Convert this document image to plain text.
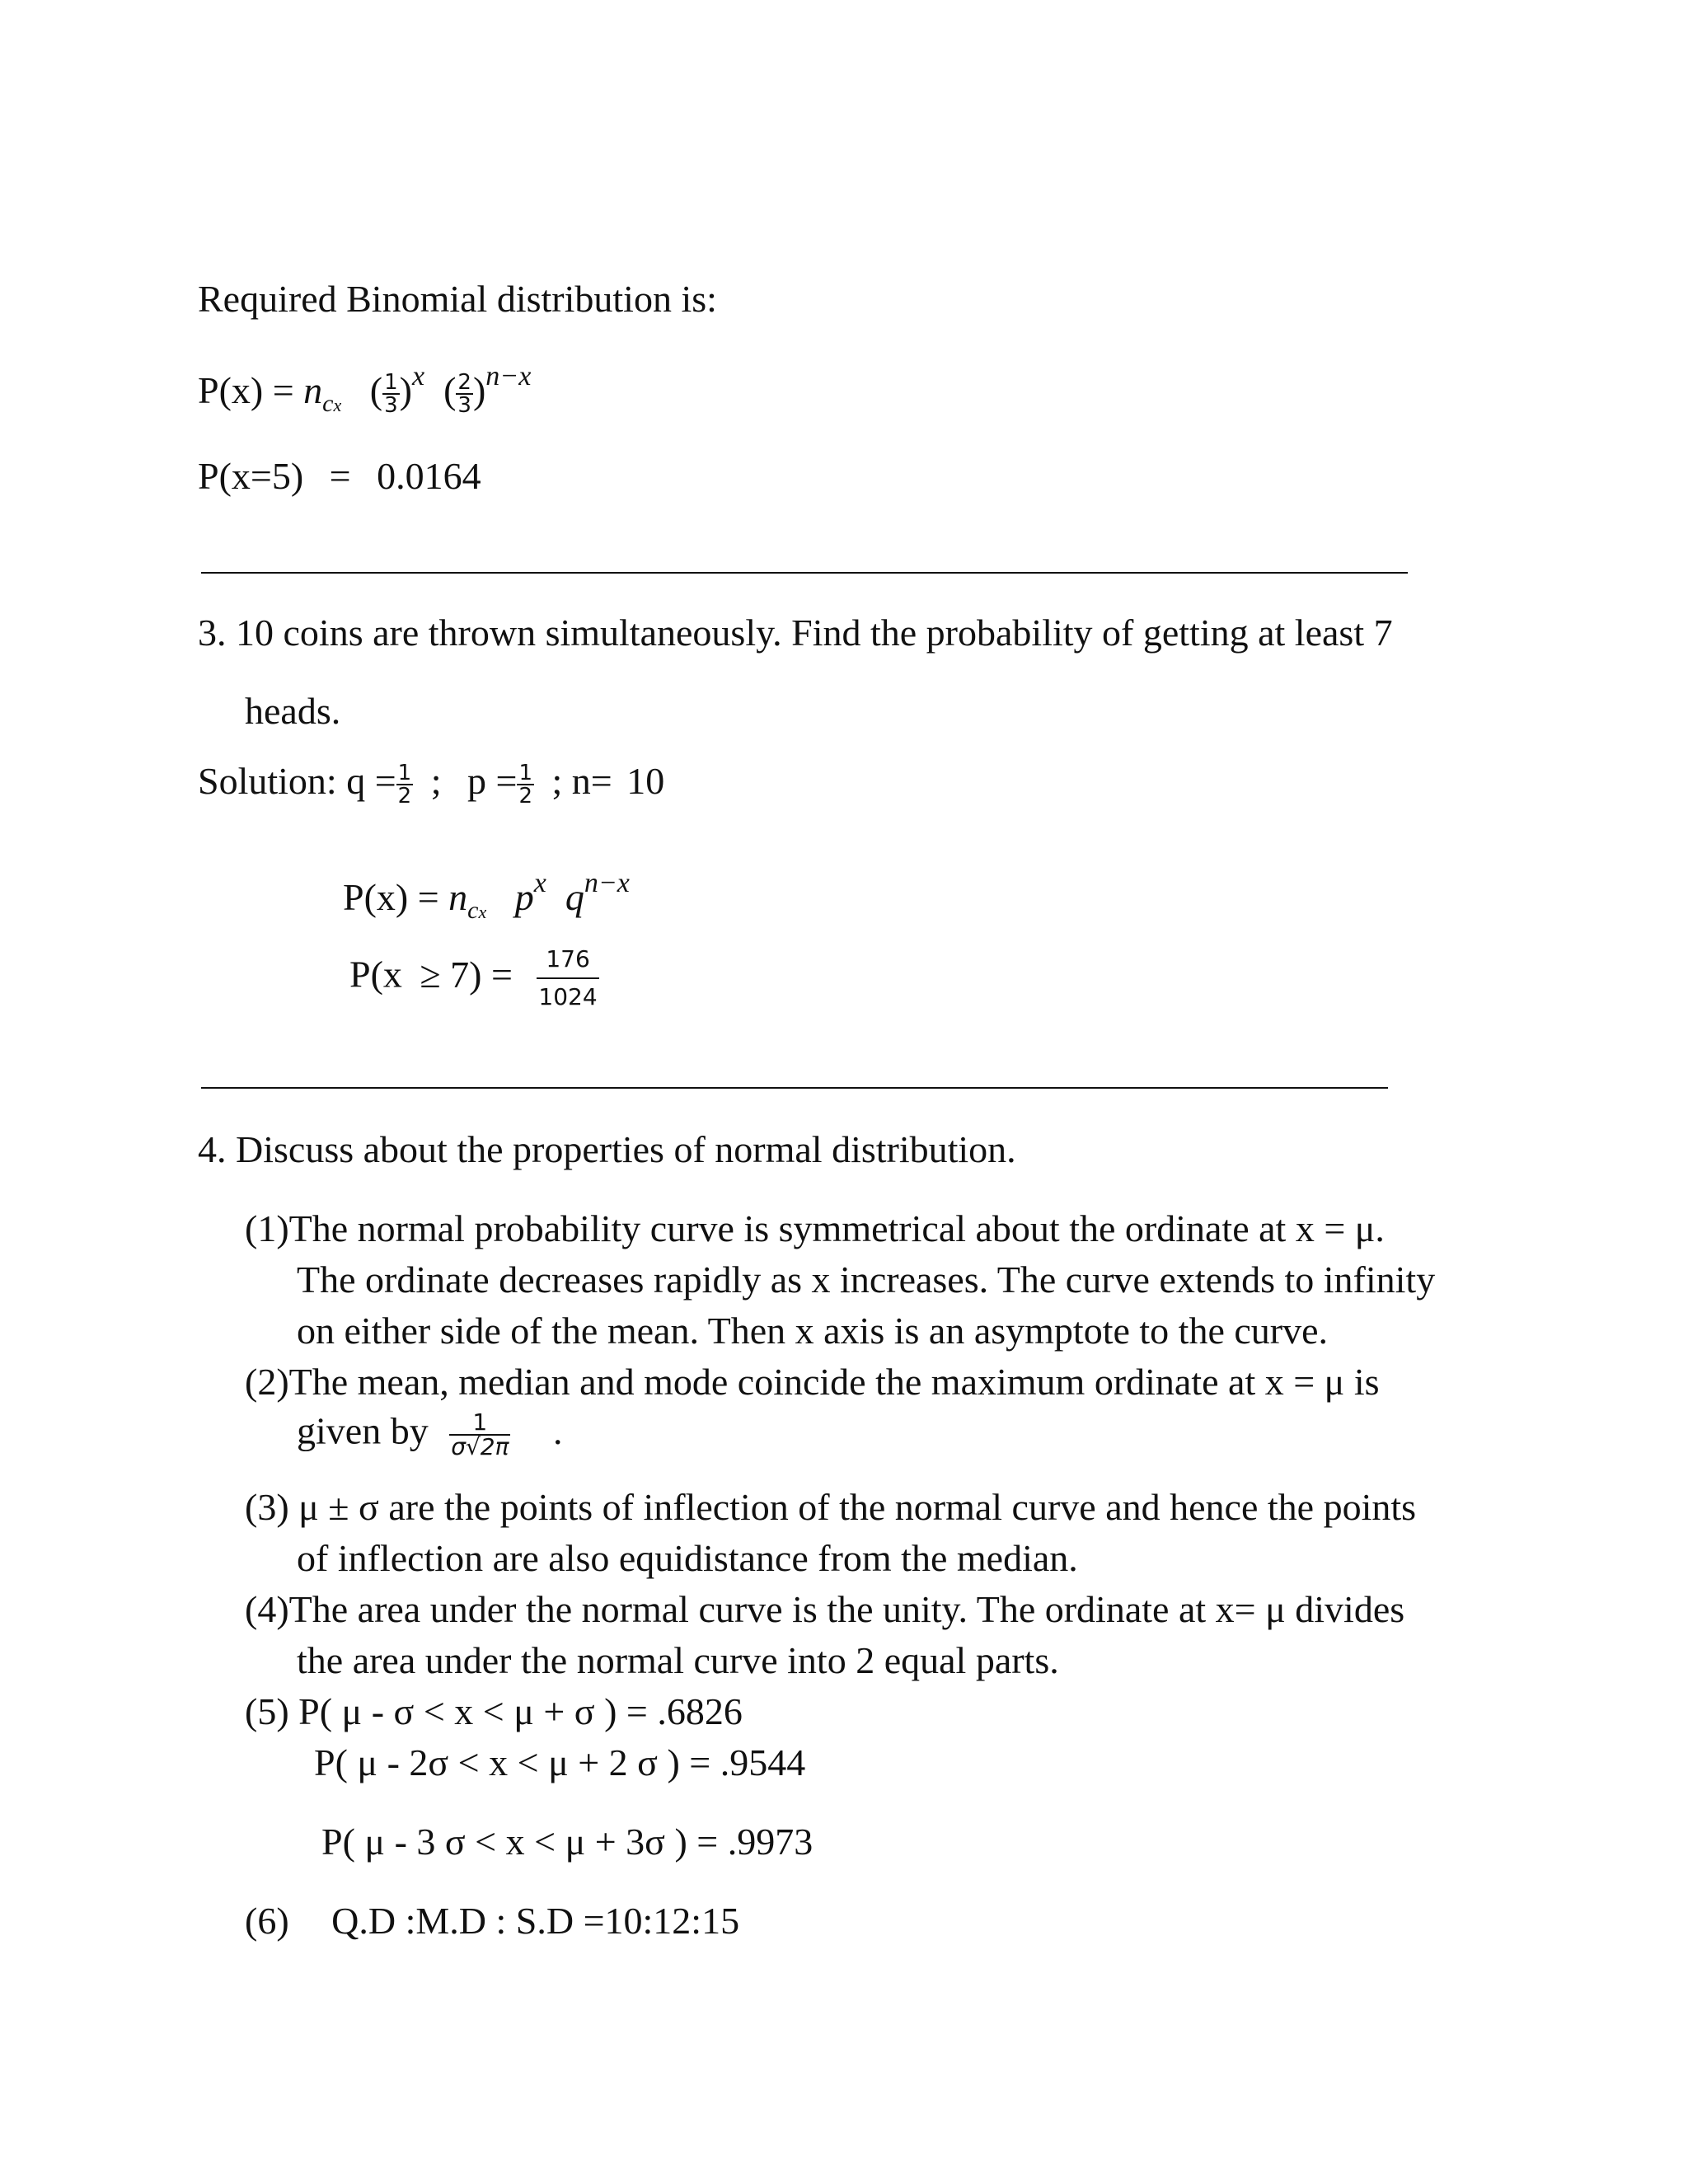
Required Binomial distribution is:
$P(x) = n_{cx}$   ( $\frac{1}{3} )^x$  ( $\frac{2}{3} )^{n-x}$
P(x=5) = 0.0164
3. 10 coins are thrown simultaneously. Find the probability of getting at least 7
heads.
Solution: $q = \frac{1}{2}$ ; $p = \frac{1}{2}$ ; n= 10
$P(x) = n_{cx}$ $p^x$ $q^{n-x}$
$P(x \ge 7) = \frac{176}{1024}$
4. Discuss about the properties of normal distribution.
(1)The normal probability curve is symmetrical about the ordinate at x = μ.
The ordinate decreases rapidly as x increases. The curve extends to infinity
on either side of the mean. Then x axis is an asymptote to the curve.
(2)The mean, median and mode coincide the maximum ordinate at x = μ is
given by $\frac{1}{\sigma√2\pi}$ .
(3) μ ± σ are the points of inflection of the normal curve and hence the points
of inflection are also equidistance from the median.
(4)The area under the normal curve is the unity. The ordinate at x= μ divides
the area under the normal curve into 2 equal parts.
(5) P( μ - σ < x < μ + σ ) = .6826
P( μ - 2σ < x < μ + 2 σ ) = .9544
P( μ - 3 σ < x < μ + 3σ ) = .9973
(6) Q.D :M.D : S.D =10:12:15
